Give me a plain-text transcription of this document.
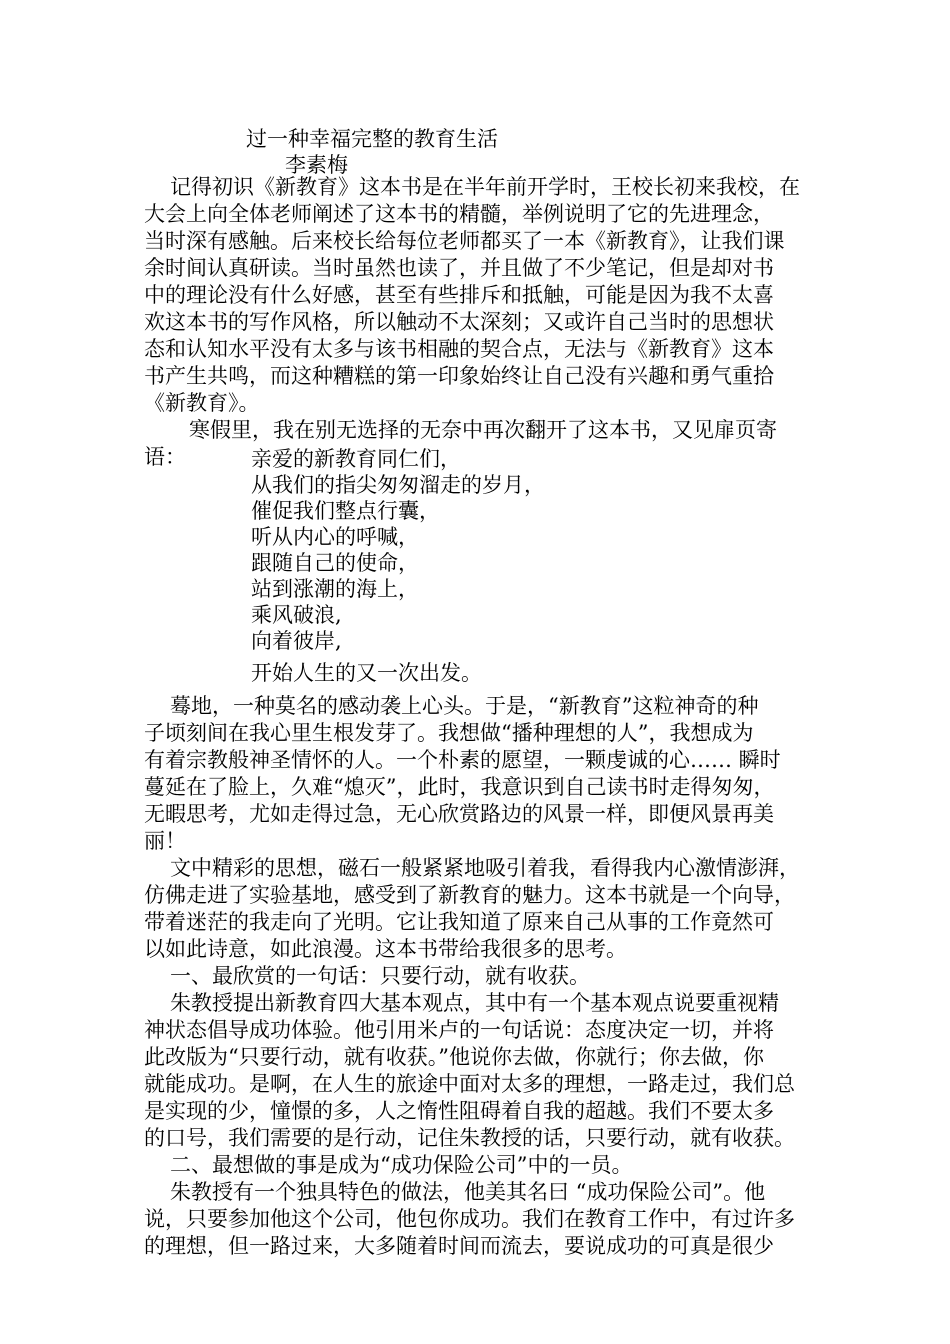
过一种幸福完整的教育生活
李素梅
记得初识《新教育》这本书是在半年前开学时，王校长初来我校，在
大会上向全体老师阐述了这本书的精髓，举例说明了它的先进理念，
当时深有感触。后来校长给每位老师都买了一本《新教育》，让我们课
余时间认真研读。当时虽然也读了，并且做了不少笔记，但是却对书
中的理论没有什么好感，甚至有些排斥和抵触，可能是因为我不太喜
欢这本书的写作风格，所以触动不太深刻；又或许自己当时的思想状
态和认知水平没有太多与该书相融的契合点，无法与《新教育》这本
书产生共鸣，而这种糟糕的第一印象始终让自己没有兴趣和勇气重拾
《新教育》。
寒假里，我在别无选择的无奈中再次翻开了这本书，又见扉页寄
语：	亲爱的新教育同仁们，
从我们的指尖匆匆溜走的岁月，
催促我们整点行囊，
听从内心的呼喊，
跟随自己的使命，
站到涨潮的海上，
乘风破浪,
向着彼岸,
开始人生的又一次出发。
蓦地，一种莫名的感动袭上心头。于是，“新教育”这粒神奇的种
子顷刻间在我心里生根发芽了。我想做“播种理想的人”，我想成为
有着宗教般神圣情怀的人。一个朴素的愿望，一颗虔诚的心…… 瞬时
蔓延在了脸上，久难“熄灭”，此时，我意识到自己读书时走得匆匆，
无暇思考，尤如走得过急，无心欣赏路边的风景一样，即便风景再美
丽！
文中精彩的思想，磁石一般紧紧地吸引着我，看得我内心激情澎湃，
仿佛走进了实验基地，感受到了新教育的魅力。这本书就是一个向导，
带着迷茫的我走向了光明。它让我知道了原来自己从事的工作竟然可
以如此诗意，如此浪漫。这本书带给我很多的思考。
一、最欣赏的一句话：只要行动，就有收获。
朱教授提出新教育四大基本观点，其中有一个基本观点说要重视精
神状态倡导成功体验。他引用米卢的一句话说：态度决定一切，并将
此改版为“只要行动，就有收获。”他说你去做，你就行；你去做，你
就能成功。是啊，在人生的旅途中面对太多的理想，一路走过，我们总
是实现的少，憧憬的多，人之惰性阻碍着自我的超越。我们不要太多
的口号，我们需要的是行动，记住朱教授的话，只要行动，就有收获。
二、最想做的事是成为“成功保险公司”中的一员。
朱教授有一个独具特色的做法，他美其名曰 “成功保险公司”。他
说，只要参加他这个公司，他包你成功。我们在教育工作中，有过许多
的理想，但一路过来，大多随着时间而流去，要说成功的可真是很少
